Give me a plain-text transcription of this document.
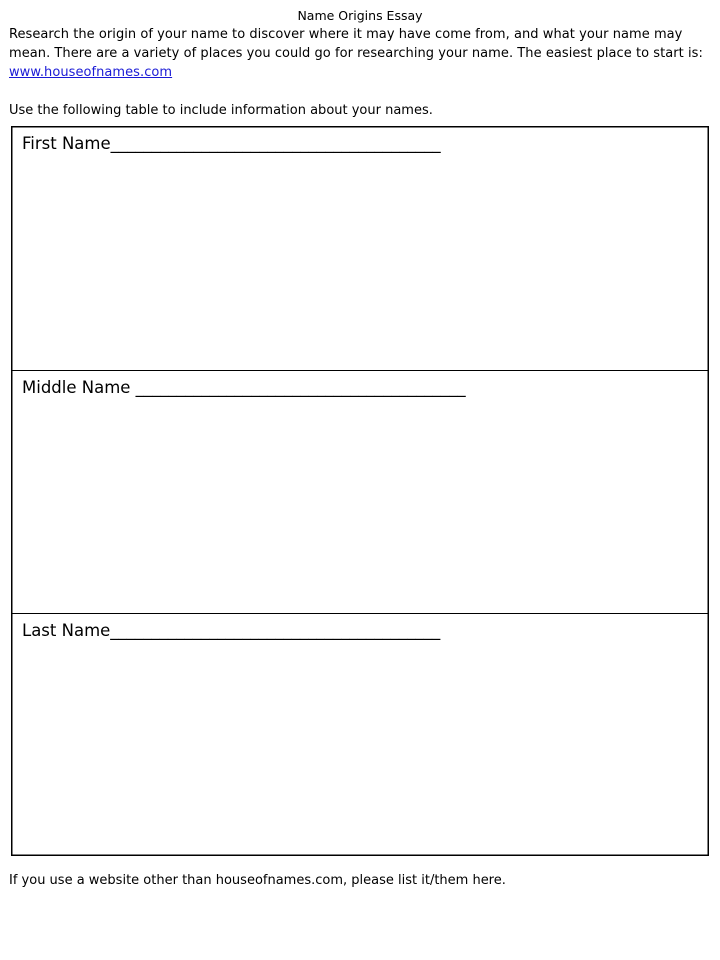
Name Origins Essay
Research the origin of your name to discover where it may have come from, and what your name may mean. There are a variety of places you could go for researching your name. The easiest place to start is: www.houseofnames.com
Use the following table to include information about your names.
First Name________________________________________
Middle Name ________________________________________
Last Name________________________________________
If you use a website other than houseofnames.com, please list it/them here.
